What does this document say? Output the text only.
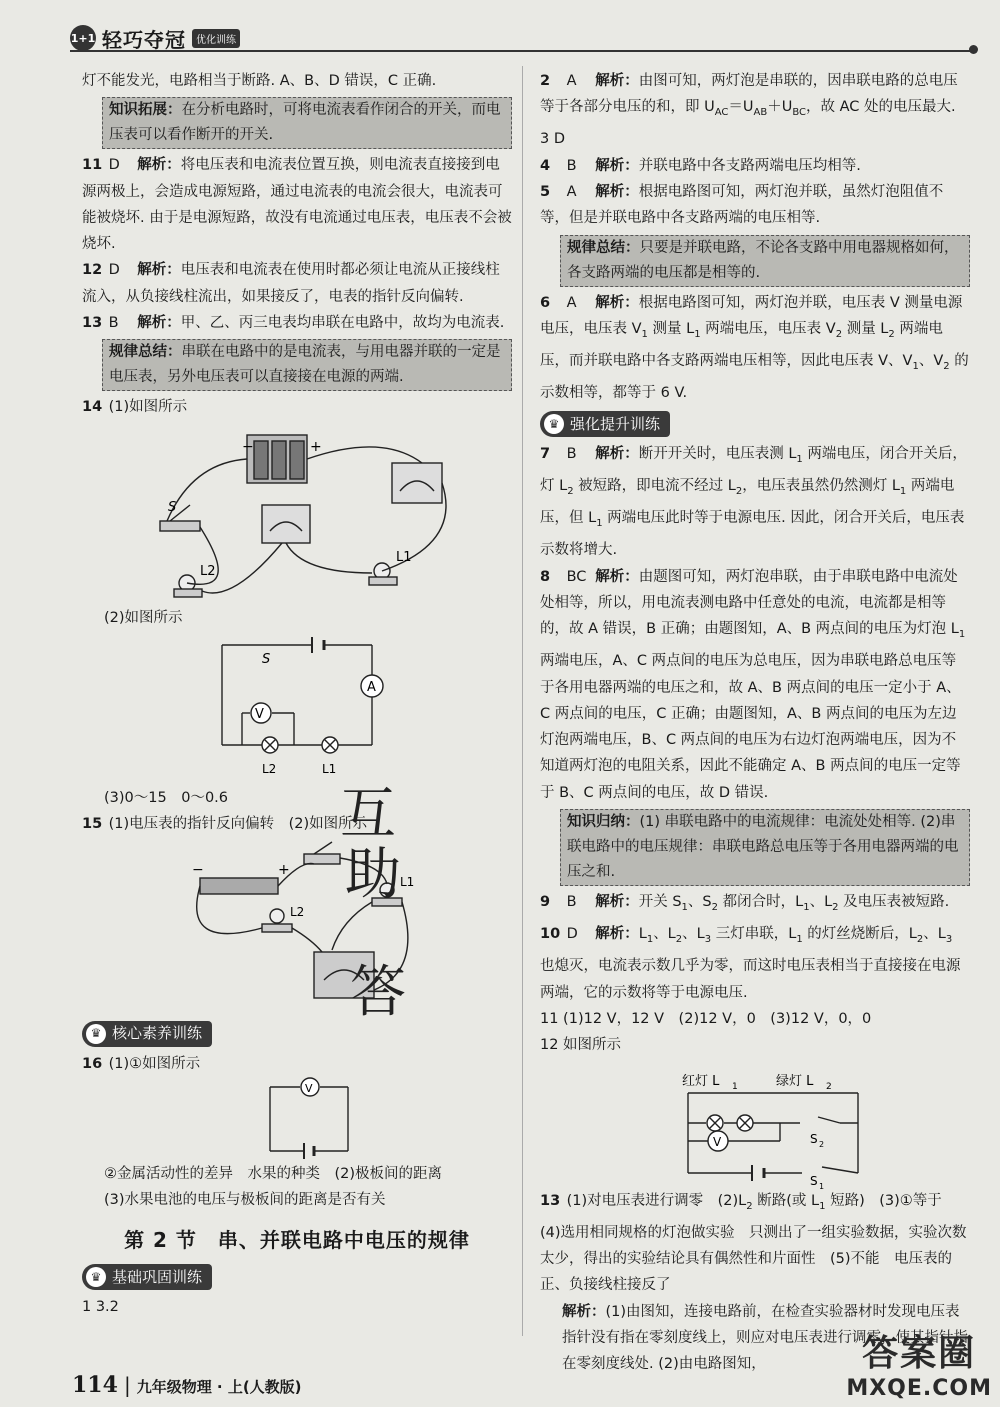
1+1 轻巧夺冠	优化训练

灯不能发光，电路相当于断路. A、B、D 错误，C 正确.

知识拓展：在分析电路时，可将电流表看作闭合的开关，而电压表可以看作断开的开关.

11 D 解析：将电压表和电流表位置互换，则电流表直接接到电源两极上，会造成电源短路，通过电流表的电流会很大，电流表可能被烧坏. 由于是电源短路，故没有电流通过电压表，电压表不会被烧坏.

12 D 解析：电压表和电流表在使用时都必须让电流从正接线柱流入，从负接线柱流出，如果接反了，电表的指针反向偏转.

13 B 解析：甲、乙、丙三电表均串联在电路中，故均为电流表.

规律总结：串联在电路中的是电流表，与用电器并联的一定是电压表，另外电压表可以直接接在电源的两端.

14 (1)如图所示

−	+
S
L2
L1

(2)如图所示

V
A
S
L2	L1

(3)0～15　0～0.6

15 (1)电压表的指针反向偏转　(2)如图所示

−	+
L2
L1
♛ 核心素养训练

16 (1)①如图所示

V

②金属活动性的差异　水果的种类　(2)极板间的距离

(3)水果电池的电压与极板间的距离是否有关

第 2 节　串、并联电路中电压的规律
♛ 基础巩固训练

1 3.2

2 A 解析：由图可知，两灯泡是串联的，因串联电路的总电压等于各部分电压的和，即 $U_{AC}=U_{AB}+U_{BC}$，故 AC 处的电压最大.

3 D

4 B 解析：并联电路中各支路两端电压均相等.

5 A 解析：根据电路图可知，两灯泡并联，虽然灯泡阻值不等，但是并联电路中各支路两端的电压相等.

规律总结：只要是并联电路，不论各支路中用电器规格如何，各支路两端的电压都是相等的.

6 A 解析：根据电路图可知，两灯泡并联，电压表 V 测量电源电压，电压表 $V_1$ 测量 $L_1$ 两端电压，电压表 $V_2$ 测量 $L_2$ 两端电压，而并联电路中各支路两端电压相等，因此电压表 V、$V_1$、$V_2$ 的示数相等，都等于 6 V.

♛ 强化提升训练

7 B 解析：断开开关时，电压表测 $L_1$ 两端电压，闭合开关后，灯 $L_2$ 被短路，即电流不经过 $L_2$，电压表虽然仍然测灯 $L_1$ 两端电压，但 $L_1$ 两端电压此时等于电源电压. 因此，闭合开关后，电压表示数将增大.

8 BC 解析：由题图可知，两灯泡串联，由于串联电路中电流处处相等，所以，用电流表测电路中任意处的电流，电流都是相等的，故 A 错误，B 正确；由题图知，A、B 两点间的电压为灯泡 $L_1$ 两端电压，A、C 两点间的电压为总电压，因为串联电路总电压等于各用电器两端的电压之和，故 A、B 两点间的电压一定小于 A、C 两点间的电压，C 正确；由题图知，A、B 两点间的电压为左边灯泡两端电压，B、C 两点间的电压为右边灯泡两端电压，因为不知道两灯泡的电阻关系，因此不能确定 A、B 两点间的电压一定等于 B、C 两点间的电压，故 D 错误.

知识归纳：(1) 串联电路中的电流规律：电流处处相等. (2)串联电路中的电压规律：串联电路总电压等于各用电器两端的电压之和.

9 B 解析：开关 $S_1$、$S_2$ 都闭合时，$L_1$、$L_2$ 及电压表被短路.

10 D 解析：$L_1$、$L_2$、$L_3$ 三灯串联，$L_1$ 的灯丝烧断后，$L_2$、$L_3$ 也熄灭，电流表示数几乎为零，而这时电压表相当于直接接在电源两端，它的示数将等于电源电压.

11 (1)12 V，12 V　(2)12 V，0　(3)12 V，0，0

12 如图所示

红灯 L 1	绿灯 L 2
V	S 2
S 1

13 (1)对电压表进行调零　$(2)L_2$ 断路(或 $L_1$ 短路)　(3)①等于　(4)选用相同规格的灯泡做实验　只测出了一组实验数据，实验次数太少，得出的实验结论具有偶然性和片面性　(5)不能　电压表的正、负接线柱接反了

解析：(1)由图知，连接电路前，在检查实验器材时发现电压表指针没有指在零刻度线上，则应对电压表进行调零，使其指针指在零刻度线处. (2)由电路图知，

互
助
答
114 | 九年级物理 · 上(人教版)
答案圈
MXQE.COM
